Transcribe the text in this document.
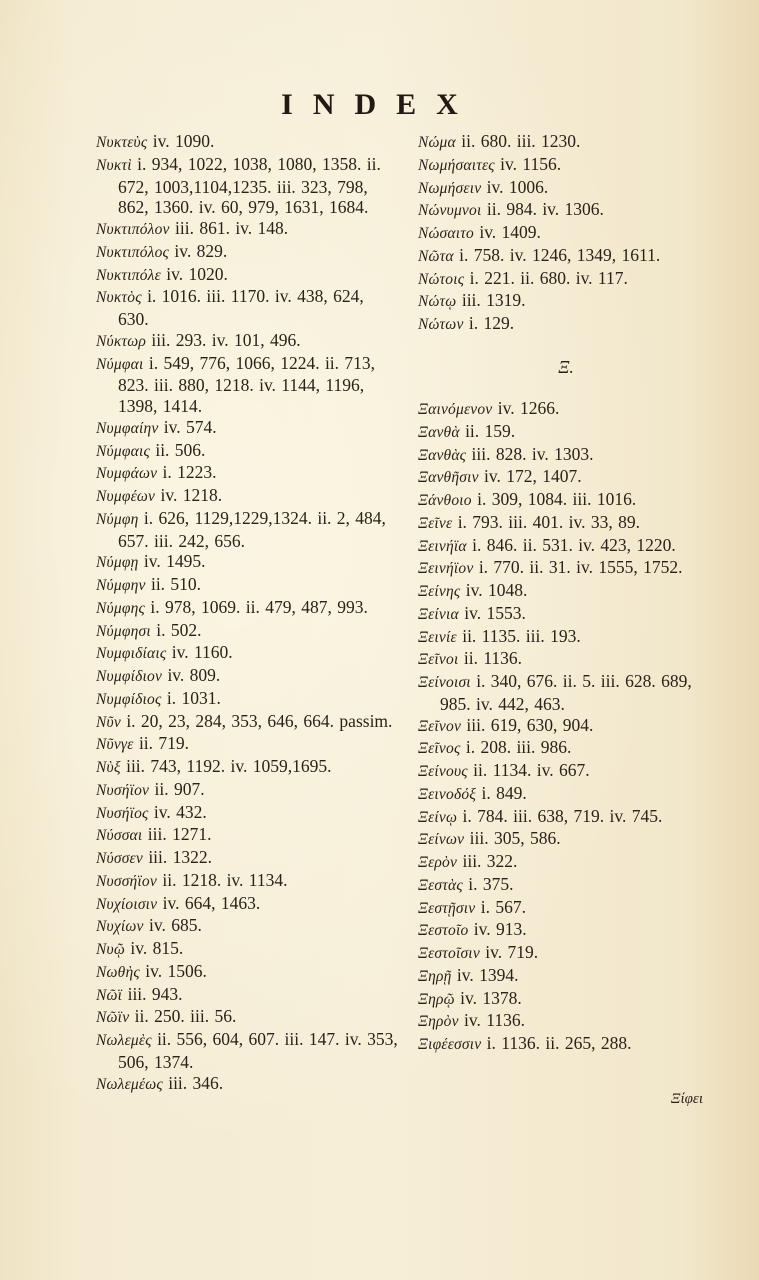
INDEX

Νυκτεὺς iv. 1090.

Νυκτὶ i. 934, 1022, 1038, 1080, 1358. ii. 672, 1003,1104,1235. iii. 323, 798, 862, 1360. iv. 60, 979, 1631, 1684.

Νυκτιπόλον iii. 861. iv. 148.

Νυκτιπόλος iv. 829.

Νυκτιπόλε iv. 1020.

Νυκτὸς i. 1016. iii. 1170. iv. 438, 624, 630.

Νύκτωρ iii. 293. iv. 101, 496.

Νύμφαι i. 549, 776, 1066, 1224. ii. 713, 823. iii. 880, 1218. iv. 1144, 1196, 1398, 1414.

Νυμφαίην iv. 574.

Νύμφαις ii. 506.

Νυμφάων i. 1223.

Νυμφέων iv. 1218.

Νύμφη i. 626, 1129,1229,1324. ii. 2, 484, 657. iii. 242, 656.

Νύμφῃ iv. 1495.

Νύμφην ii. 510.

Νύμφης i. 978, 1069. ii. 479, 487, 993.

Νύμφησι i. 502.

Νυμφιδίαις iv. 1160.

Νυμφίδιον iv. 809.

Νυμφίδιος i. 1031.

Νῦν i. 20, 23, 284, 353, 646, 664. passim.

Νῦνγε ii. 719.

Νὺξ iii. 743, 1192. iv. 1059,1695.

Νυσήϊον ii. 907.

Νυσήϊος iv. 432.

Νύσσαι iii. 1271.

Νύσσεν iii. 1322.

Νυσσήϊον ii. 1218. iv. 1134.

Νυχίοισιν iv. 664, 1463.

Νυχίων iv. 685.

Νυῷ iv. 815.

Νωθὴς iv. 1506.

Νῶϊ iii. 943.

Νῶϊν ii. 250. iii. 56.

Νωλεμὲς ii. 556, 604, 607. iii. 147. iv. 353, 506, 1374.

Νωλεμέως iii. 346.

Νώμα ii. 680. iii. 1230.

Νωμήσαιτες iv. 1156.

Νωμήσειν iv. 1006.

Νώνυμνοι ii. 984. iv. 1306.

Νώσαιτο iv. 1409.

Νῶτα i. 758. iv. 1246, 1349, 1611.

Νώτοις i. 221. ii. 680. iv. 117.

Νώτῳ iii. 1319.

Νώτων i. 129.

Ξ.

Ξαινόμενον iv. 1266.

Ξανθὰ ii. 159.

Ξανθὰς iii. 828. iv. 1303.

Ξανθῆσιν iv. 172, 1407.

Ξάνθοιο i. 309, 1084. iii. 1016.

Ξεῖνε i. 793. iii. 401. iv. 33, 89.

Ξεινήϊα i. 846. ii. 531. iv. 423, 1220.

Ξεινήϊον i. 770. ii. 31. iv. 1555, 1752.

Ξείνης iv. 1048.

Ξείνια iv. 1553.

Ξεινίε ii. 1135. iii. 193.

Ξεῖνοι ii. 1136.

Ξείνοισι i. 340, 676. ii. 5. iii. 628. 689, 985. iv. 442, 463.

Ξεῖνον iii. 619, 630, 904.

Ξεῖνος i. 208. iii. 986.

Ξείνους ii. 1134. iv. 667.

Ξεινοδόξ i. 849.

Ξείνῳ i. 784. iii. 638, 719. iv. 745.

Ξείνων iii. 305, 586.

Ξερὸν iii. 322.

Ξεστὰς i. 375.

Ξεστῇσιν i. 567.

Ξεστοῖο iv. 913.

Ξεστοῖσιν iv. 719.

Ξηρῇ iv. 1394.

Ξηρῷ iv. 1378.

Ξηρὸν iv. 1136.

Ξιφέεσσιν i. 1136. ii. 265, 288.

Ξίφει
